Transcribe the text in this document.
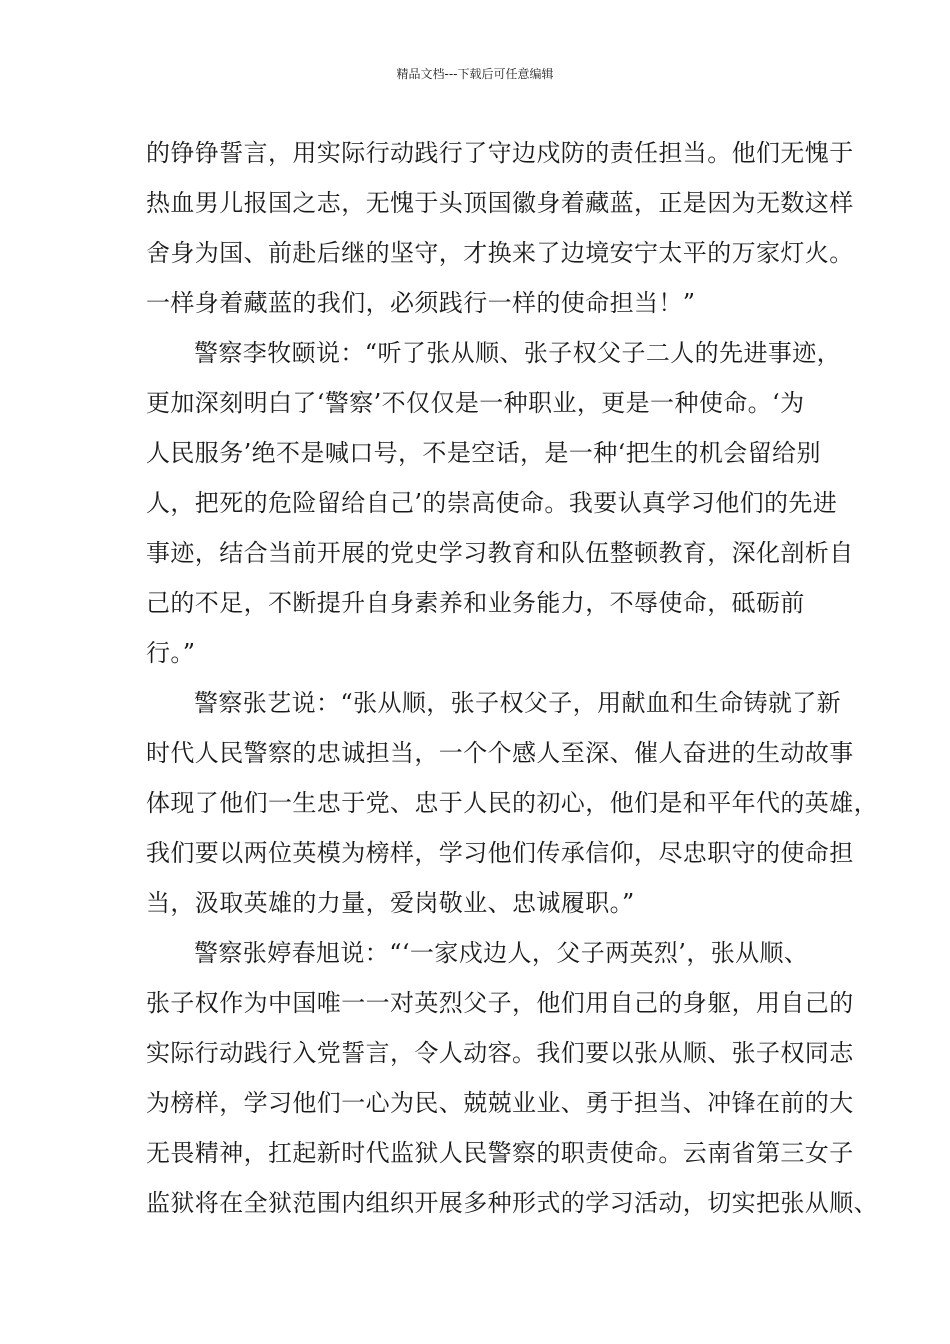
精品文档---下载后可任意编辑
的铮铮誓言，用实际行动践行了守边戍防的责任担当。他们无愧于
热血男儿报国之志，无愧于头顶国徽身着藏蓝，正是因为无数这样
舍身为国、前赴后继的坚守，才换来了边境安宁太平的万家灯火。
一样身着藏蓝的我们，必须践行一样的使命担当！”
警察李牧颐说：“听了张从顺、张子权父子二人的先进事迹，
更加深刻明白了‘警察’不仅仅是一种职业，更是一种使命。‘为
人民服务’绝不是喊口号，不是空话，是一种‘把生的机会留给别
人，把死的危险留给自己’的崇高使命。我要认真学习他们的先进
事迹，结合当前开展的党史学习教育和队伍整顿教育，深化剖析自
己的不足，不断提升自身素养和业务能力，不辱使命，砥砺前
行。”
警察张艺说：“张从顺，张子权父子，用献血和生命铸就了新
时代人民警察的忠诚担当，一个个感人至深、催人奋进的生动故事
体现了他们一生忠于党、忠于人民的初心，他们是和平年代的英雄，
我们要以两位英模为榜样，学习他们传承信仰，尽忠职守的使命担
当，汲取英雄的力量，爱岗敬业、忠诚履职。”
警察张婷春旭说：“‘一家戍边人，父子两英烈’，张从顺、
张子权作为中国唯一一对英烈父子，他们用自己的身躯，用自己的
实际行动践行入党誓言，令人动容。我们要以张从顺、张子权同志
为榜样，学习他们一心为民、兢兢业业、勇于担当、冲锋在前的大
无畏精神，扛起新时代监狱人民警察的职责使命。云南省第三女子
监狱将在全狱范围内组织开展多种形式的学习活动，切实把张从顺、
